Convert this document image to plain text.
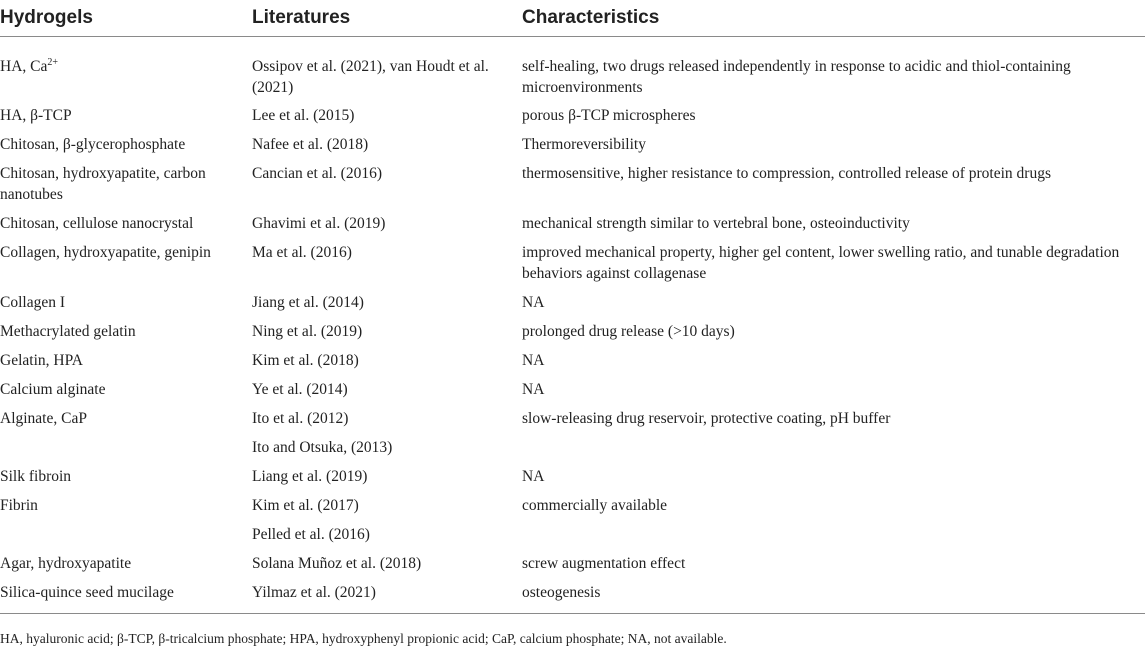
Hydrogels	Literatures	Characteristics
HA, $Ca^{2+}$	Ossipov et al. (2021), van Houdt et al. (2021)	self-healing, two drugs released independently in response to acidic and thiol-containing microenvironments
HA, β-TCP	Lee et al. (2015)	porous β-TCP microspheres
Chitosan, β-glycerophosphate	Nafee et al. (2018)	Thermoreversibility
Chitosan, hydroxyapatite, carbon nanotubes	Cancian et al. (2016)	thermosensitive, higher resistance to compression, controlled release of protein drugs
Chitosan, cellulose nanocrystal	Ghavimi et al. (2019)	mechanical strength similar to vertebral bone, osteoinductivity
Collagen, hydroxyapatite, genipin	Ma et al. (2016)	improved mechanical property, higher gel content, lower swelling ratio, and tunable degradation behaviors against collagenase
Collagen I	Jiang et al. (2014)	NA
Methacrylated gelatin	Ning et al. (2019)	prolonged drug release (>10 days)
Gelatin, HPA	Kim et al. (2018)	NA
Calcium alginate	Ye et al. (2014)	NA
Alginate, CaP	Ito et al. (2012)	slow-releasing drug reservoir, protective coating, pH buffer
	Ito and Otsuka, (2013)	
Silk fibroin	Liang et al. (2019)	NA
Fibrin	Kim et al. (2017)	commercially available
	Pelled et al. (2016)	
Agar, hydroxyapatite	Solana Muñoz et al. (2018)	screw augmentation effect
Silica-quince seed mucilage	Yilmaz et al. (2021)	osteogenesis
HA, hyaluronic acid; β-TCP, β-tricalcium phosphate; HPA, hydroxyphenyl propionic acid; CaP, calcium phosphate; NA, not available.
